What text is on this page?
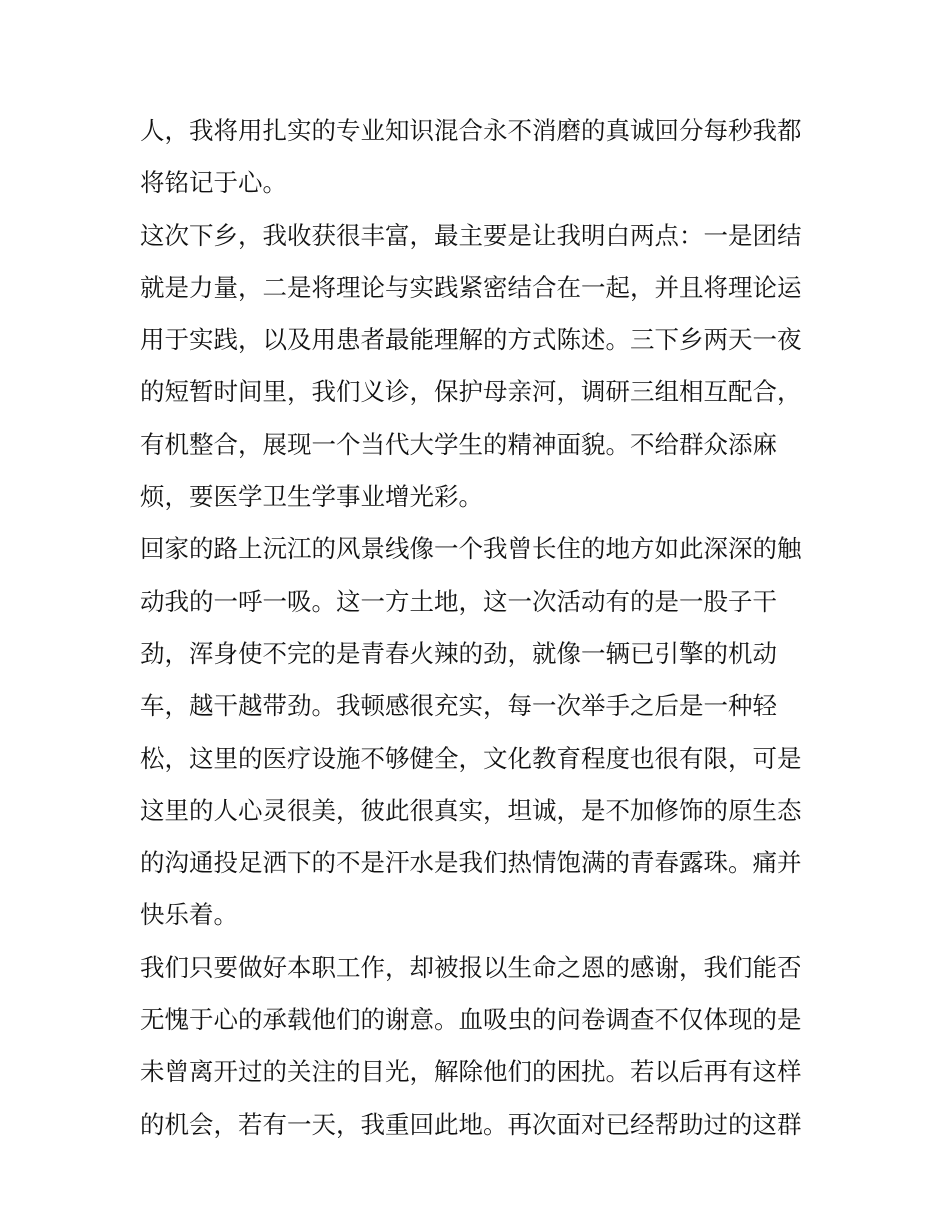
人，我将用扎实的专业知识混合永不消磨的真诚回分每秒我都
将铭记于心。
这次下乡，我收获很丰富，最主要是让我明白两点：一是团结
就是力量，二是将理论与实践紧密结合在一起，并且将理论运
用于实践，以及用患者最能理解的方式陈述。三下乡两天一夜
的短暂时间里，我们义诊，保护母亲河，调研三组相互配合，
有机整合，展现一个当代大学生的精神面貌。不给群众添麻
烦，要医学卫生学事业增光彩。
回家的路上沅江的风景线像一个我曾长住的地方如此深深的触
动我的一呼一吸。这一方土地，这一次活动有的是一股子干
劲，浑身使不完的是青春火辣的劲，就像一辆已引擎的机动
车，越干越带劲。我顿感很充实，每一次举手之后是一种轻
松，这里的医疗设施不够健全，文化教育程度也很有限，可是
这里的人心灵很美，彼此很真实，坦诚，是不加修饰的原生态
的沟通投足洒下的不是汗水是我们热情饱满的青春露珠。痛并
快乐着。
我们只要做好本职工作，却被报以生命之恩的感谢，我们能否
无愧于心的承载他们的谢意。血吸虫的问卷调查不仅体现的是
未曾离开过的关注的目光，解除他们的困扰。若以后再有这样
的机会，若有一天，我重回此地。再次面对已经帮助过的这群
